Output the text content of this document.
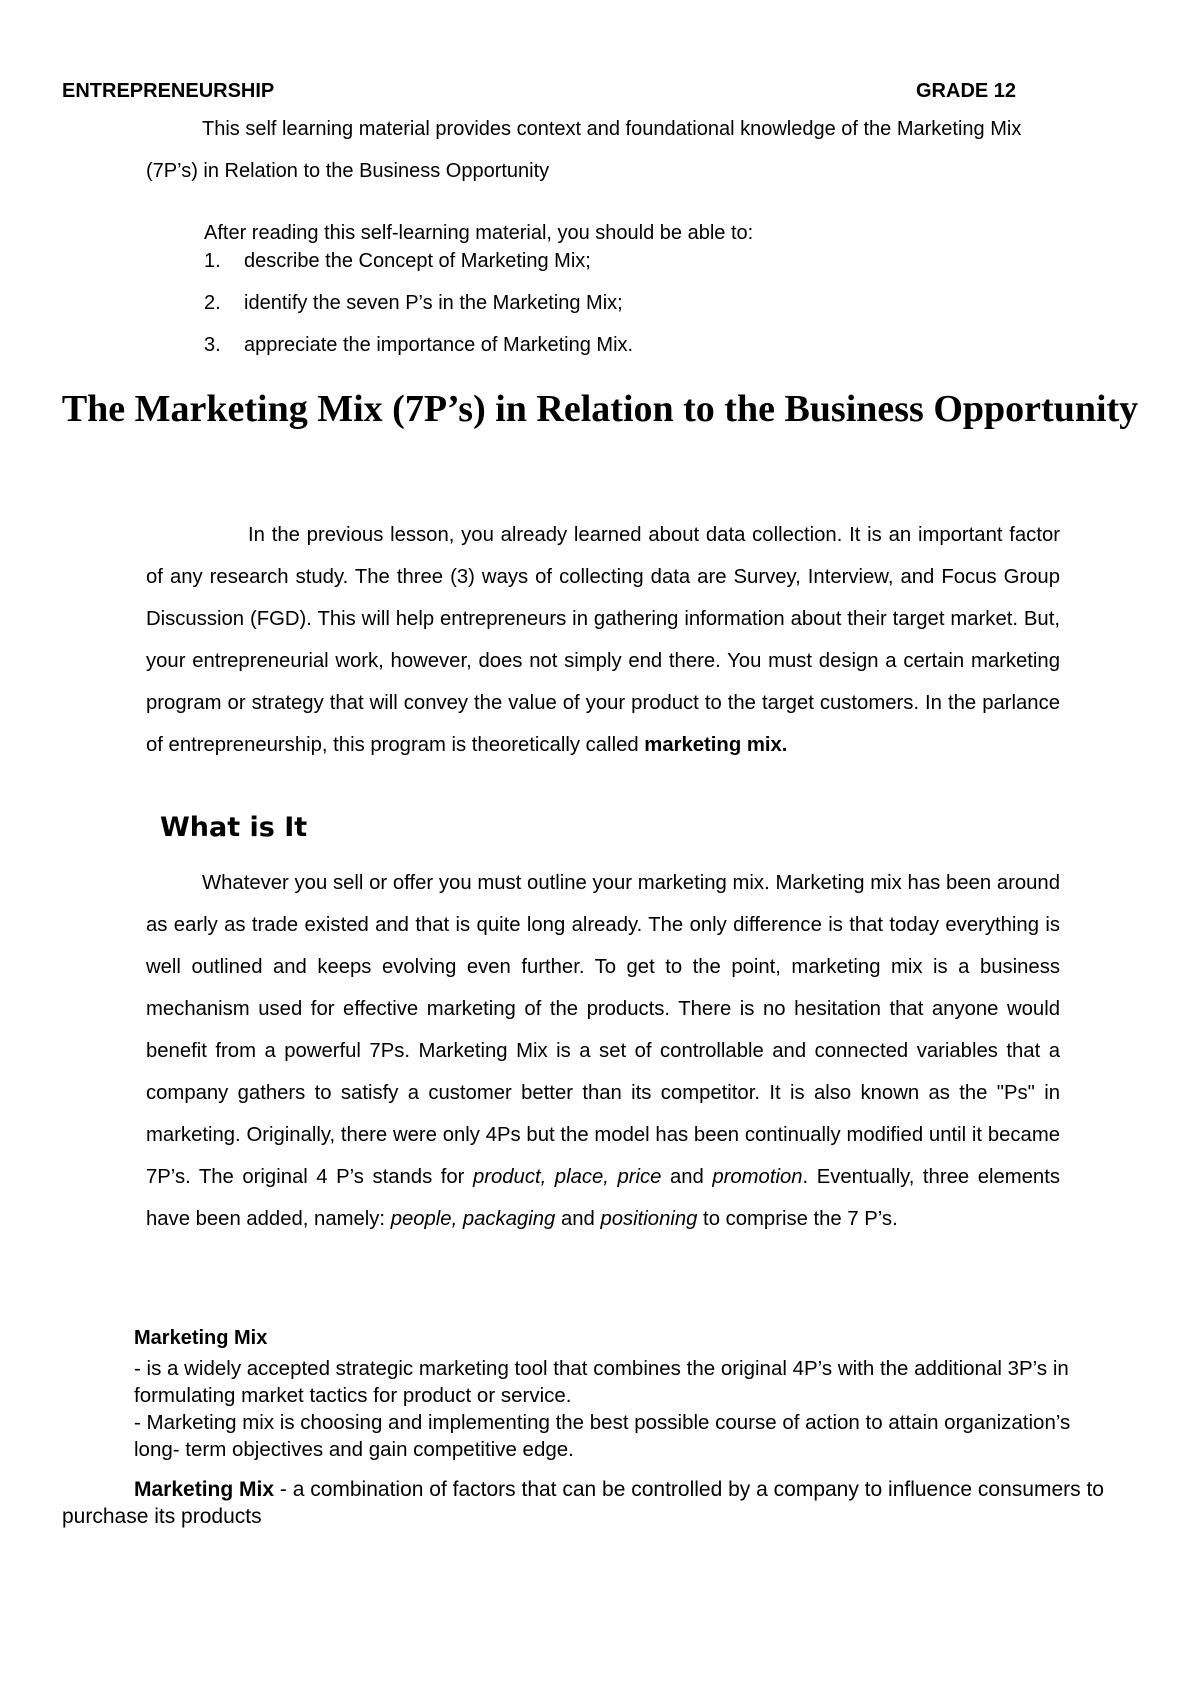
ENTREPRENEURSHIP	GRADE 12

This self learning material provides context and foundational knowledge of the Marketing Mix (7P’s) in Relation to the Business Opportunity

After reading this self-learning material, you should be able to:

1. describe the Concept of Marketing Mix;
2. identify the seven P’s in the Marketing Mix;
3. appreciate the importance of Marketing Mix.
The Marketing Mix (7P’s) in Relation to the Business Opportunity

In the previous lesson, you already learned about data collection. It is an important factor of any research study. The three (3) ways of collecting data are Survey, Interview, and Focus Group Discussion (FGD). This will help entrepreneurs in gathering information about their target market. But, your entrepreneurial work, however, does not simply end there. You must design a certain marketing program or strategy that will convey the value of your product to the target customers. In the parlance of entrepreneurship, this program is theoretically called marketing mix.

What is It

Whatever you sell or offer you must outline your marketing mix. Marketing mix has been around as early as trade existed and that is quite long already. The only difference is that today everything is well outlined and keeps evolving even further. To get to the point, marketing mix is a business mechanism used for effective marketing of the products. There is no hesitation that anyone would benefit from a powerful 7Ps. Marketing Mix is a set of controllable and connected variables that a company gathers to satisfy a customer better than its competitor. It is also known as the "Ps" in marketing. Originally, there were only 4Ps but the model has been continually modified until it became 7P’s. The original 4 P’s stands for product, place, price and promotion. Eventually, three elements have been added, namely: people, packaging and positioning to comprise the 7 P’s.

Marketing Mix

- is a widely accepted strategic marketing tool that combines the original 4P’s with the additional 3P’s in formulating market tactics for product or service.

- Marketing mix is choosing and implementing the best possible course of action to attain organization’s long- term objectives and gain competitive edge.

Marketing Mix - a combination of factors that can be controlled by a company to influence consumers to purchase its products
